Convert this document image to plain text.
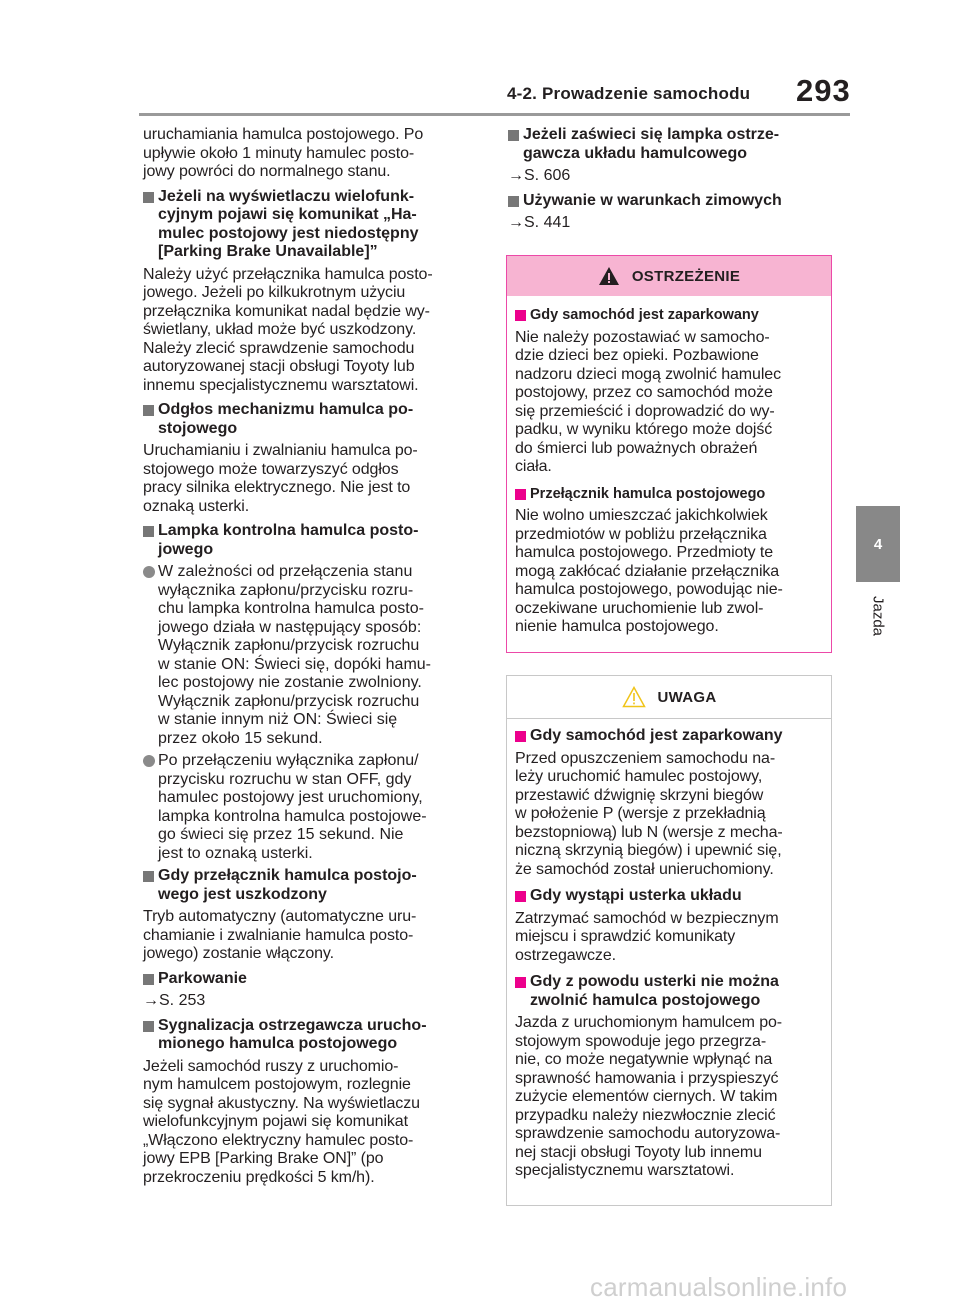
4-2. Prowadzenie samochodu 293
4
Jazda

uruchamiania hamulca postojowego. Po
upływie około 1 minuty hamulec posto-
jowy powróci do normalnego stanu.

Jeżeli na wyświetlaczu wielofunk-
cyjnym pojawi się komunikat „Ha-
mulec postojowy jest niedostępny
[Parking Brake Unavailable]”

Należy użyć przełącznika hamulca posto-
jowego. Jeżeli po kilkukrotnym użyciu
przełącznika komunikat nadal będzie wy-
świetlany, układ może być uszkodzony.
Należy zlecić sprawdzenie samochodu
autoryzowanej stacji obsługi Toyoty lub
innemu specjalistycznemu warsztatowi.

Odgłos mechanizmu hamulca po-
stojowego

Uruchamianiu i zwalnianiu hamulca po-
stojowego może towarzyszyć odgłos
pracy silnika elektrycznego. Nie jest to
oznaką usterki.

Lampka kontrolna hamulca posto-
jowego

W zależności od przełączenia stanu
wyłącznika zapłonu/przycisku rozru-
chu lampka kontrolna hamulca posto-
jowego działa w następujący sposób:
Wyłącznik zapłonu/przycisk rozruchu
w stanie ON: Świeci się, dopóki hamu-
lec postojowy nie zostanie zwolniony.
Wyłącznik zapłonu/przycisk rozruchu
w stanie innym niż ON: Świeci się
przez około 15 sekund.

Po przełączeniu wyłącznika zapłonu/
przycisku rozruchu w stan OFF, gdy
hamulec postojowy jest uruchomiony,
lampka kontrolna hamulca postojowe-
go świeci się przez 15 sekund. Nie
jest to oznaką usterki.

Gdy przełącznik hamulca postojo-
wego jest uszkodzony

Tryb automatyczny (automatyczne uru-
chamianie i zwalnianie hamulca posto-
jowego) zostanie włączony.

Parkowanie

→S. 253

Sygnalizacja ostrzegawcza urucho-
mionego hamulca postojowego

Jeżeli samochód ruszy z uruchomio-
nym hamulcem postojowym, rozlegnie
się sygnał akustyczny. Na wyświetlaczu
wielofunkcyjnym pojawi się komunikat
„Włączono elektryczny hamulec posto-
jowy EPB [Parking Brake ON]” (po
przekroczeniu prędkości 5 km/h).

Jeżeli zaświeci się lampka ostrze-
gawcza układu hamulcowego

→S. 606

Używanie w warunkach zimowych

→S. 441

OSTRZEŻENIE

Gdy samochód jest zaparkowany

Nie należy pozostawiać w samocho-
dzie dzieci bez opieki. Pozbawione
nadzoru dzieci mogą zwolnić hamulec
postojowy, przez co samochód może
się przemieścić i doprowadzić do wy-
padku, w wyniku którego może dojść
do śmierci lub poważnych obrażeń
ciała.

Przełącznik hamulca postojowego

Nie wolno umieszczać jakichkolwiek
przedmiotów w pobliżu przełącznika
hamulca postojowego. Przedmioty te
mogą zakłócać działanie przełącznika
hamulca postojowego, powodując nie-
oczekiwane uruchomienie lub zwol-
nienie hamulca postojowego.

UWAGA

Gdy samochód jest zaparkowany

Przed opuszczeniem samochodu na-
leży uruchomić hamulec postojowy,
przestawić dźwignię skrzyni biegów
w położenie P (wersje z przekładnią
bezstopniową) lub N (wersje z mecha-
niczną skrzynią biegów) i upewnić się,
że samochód został unieruchomiony.

Gdy wystąpi usterka układu

Zatrzymać samochód w bezpiecznym
miejscu i sprawdzić komunikaty
ostrzegawcze.

Gdy z powodu usterki nie można
zwolnić hamulca postojowego

Jazda z uruchomionym hamulcem po-
stojowym spowoduje jego przegrza-
nie, co może negatywnie wpłynąć na
sprawność hamowania i przyspieszyć
zużycie elementów ciernych. W takim
przypadku należy niezwłocznie zlecić
sprawdzenie samochodu autoryzowa-
nej stacji obsługi Toyoty lub innemu
specjalistycznemu warsztatowi.

carmanualsonline.info
